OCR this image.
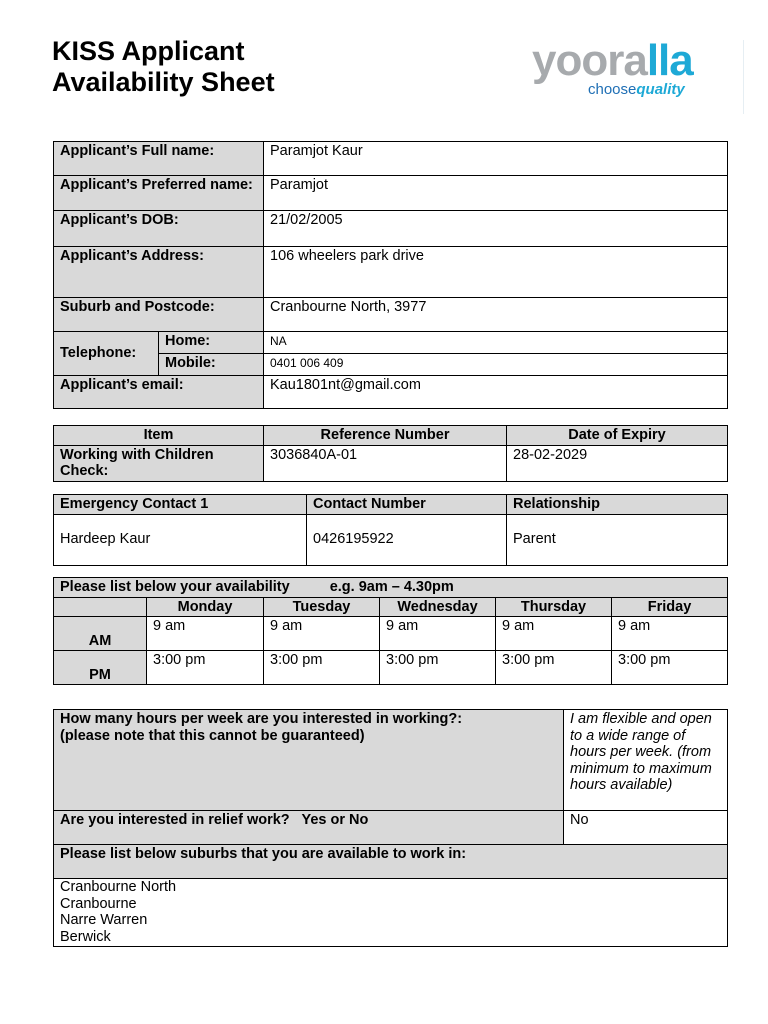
KISS Applicant
Availability Sheet	yooralla
choosequality
Applicant’s Full name:		Paramjot Kaur
Applicant’s Preferred name:		Paramjot
Applicant’s DOB:		21/02/2005
Applicant’s Address:		106 wheelers park drive
Suburb and Postcode:		Cranbourne North, 3977
Telephone:	Home:	NA
	Mobile:	0401 006 409
Applicant’s email:		Kau1801nt@gmail.com
Item	Reference Number	Date of Expiry
Working with Children Check:	3036840A-01	28-02-2029
Emergency Contact 1	Contact Number	Relationship
Hardeep Kaur	0426195922	Parent
Please list below your availability e.g. 9am – 4.30pm					
	Monday	Tuesday	Wednesday	Thursday	Friday
AM	9 am	9 am	9 am	9 am	9 am
PM	3:00 pm	3:00 pm	3:00 pm	3:00 pm	3:00 pm
How many hours per week are you interested in working?:
(please note that this cannot be guaranteed)	I am flexible and open to a wide range of hours per week. (from minimum to maximum hours available)
Are you interested in relief work?   Yes or No	No
Please list below suburbs that you are available to work in:	

Cranbourne North
Cranbourne
Narre Warren
Berwick	
